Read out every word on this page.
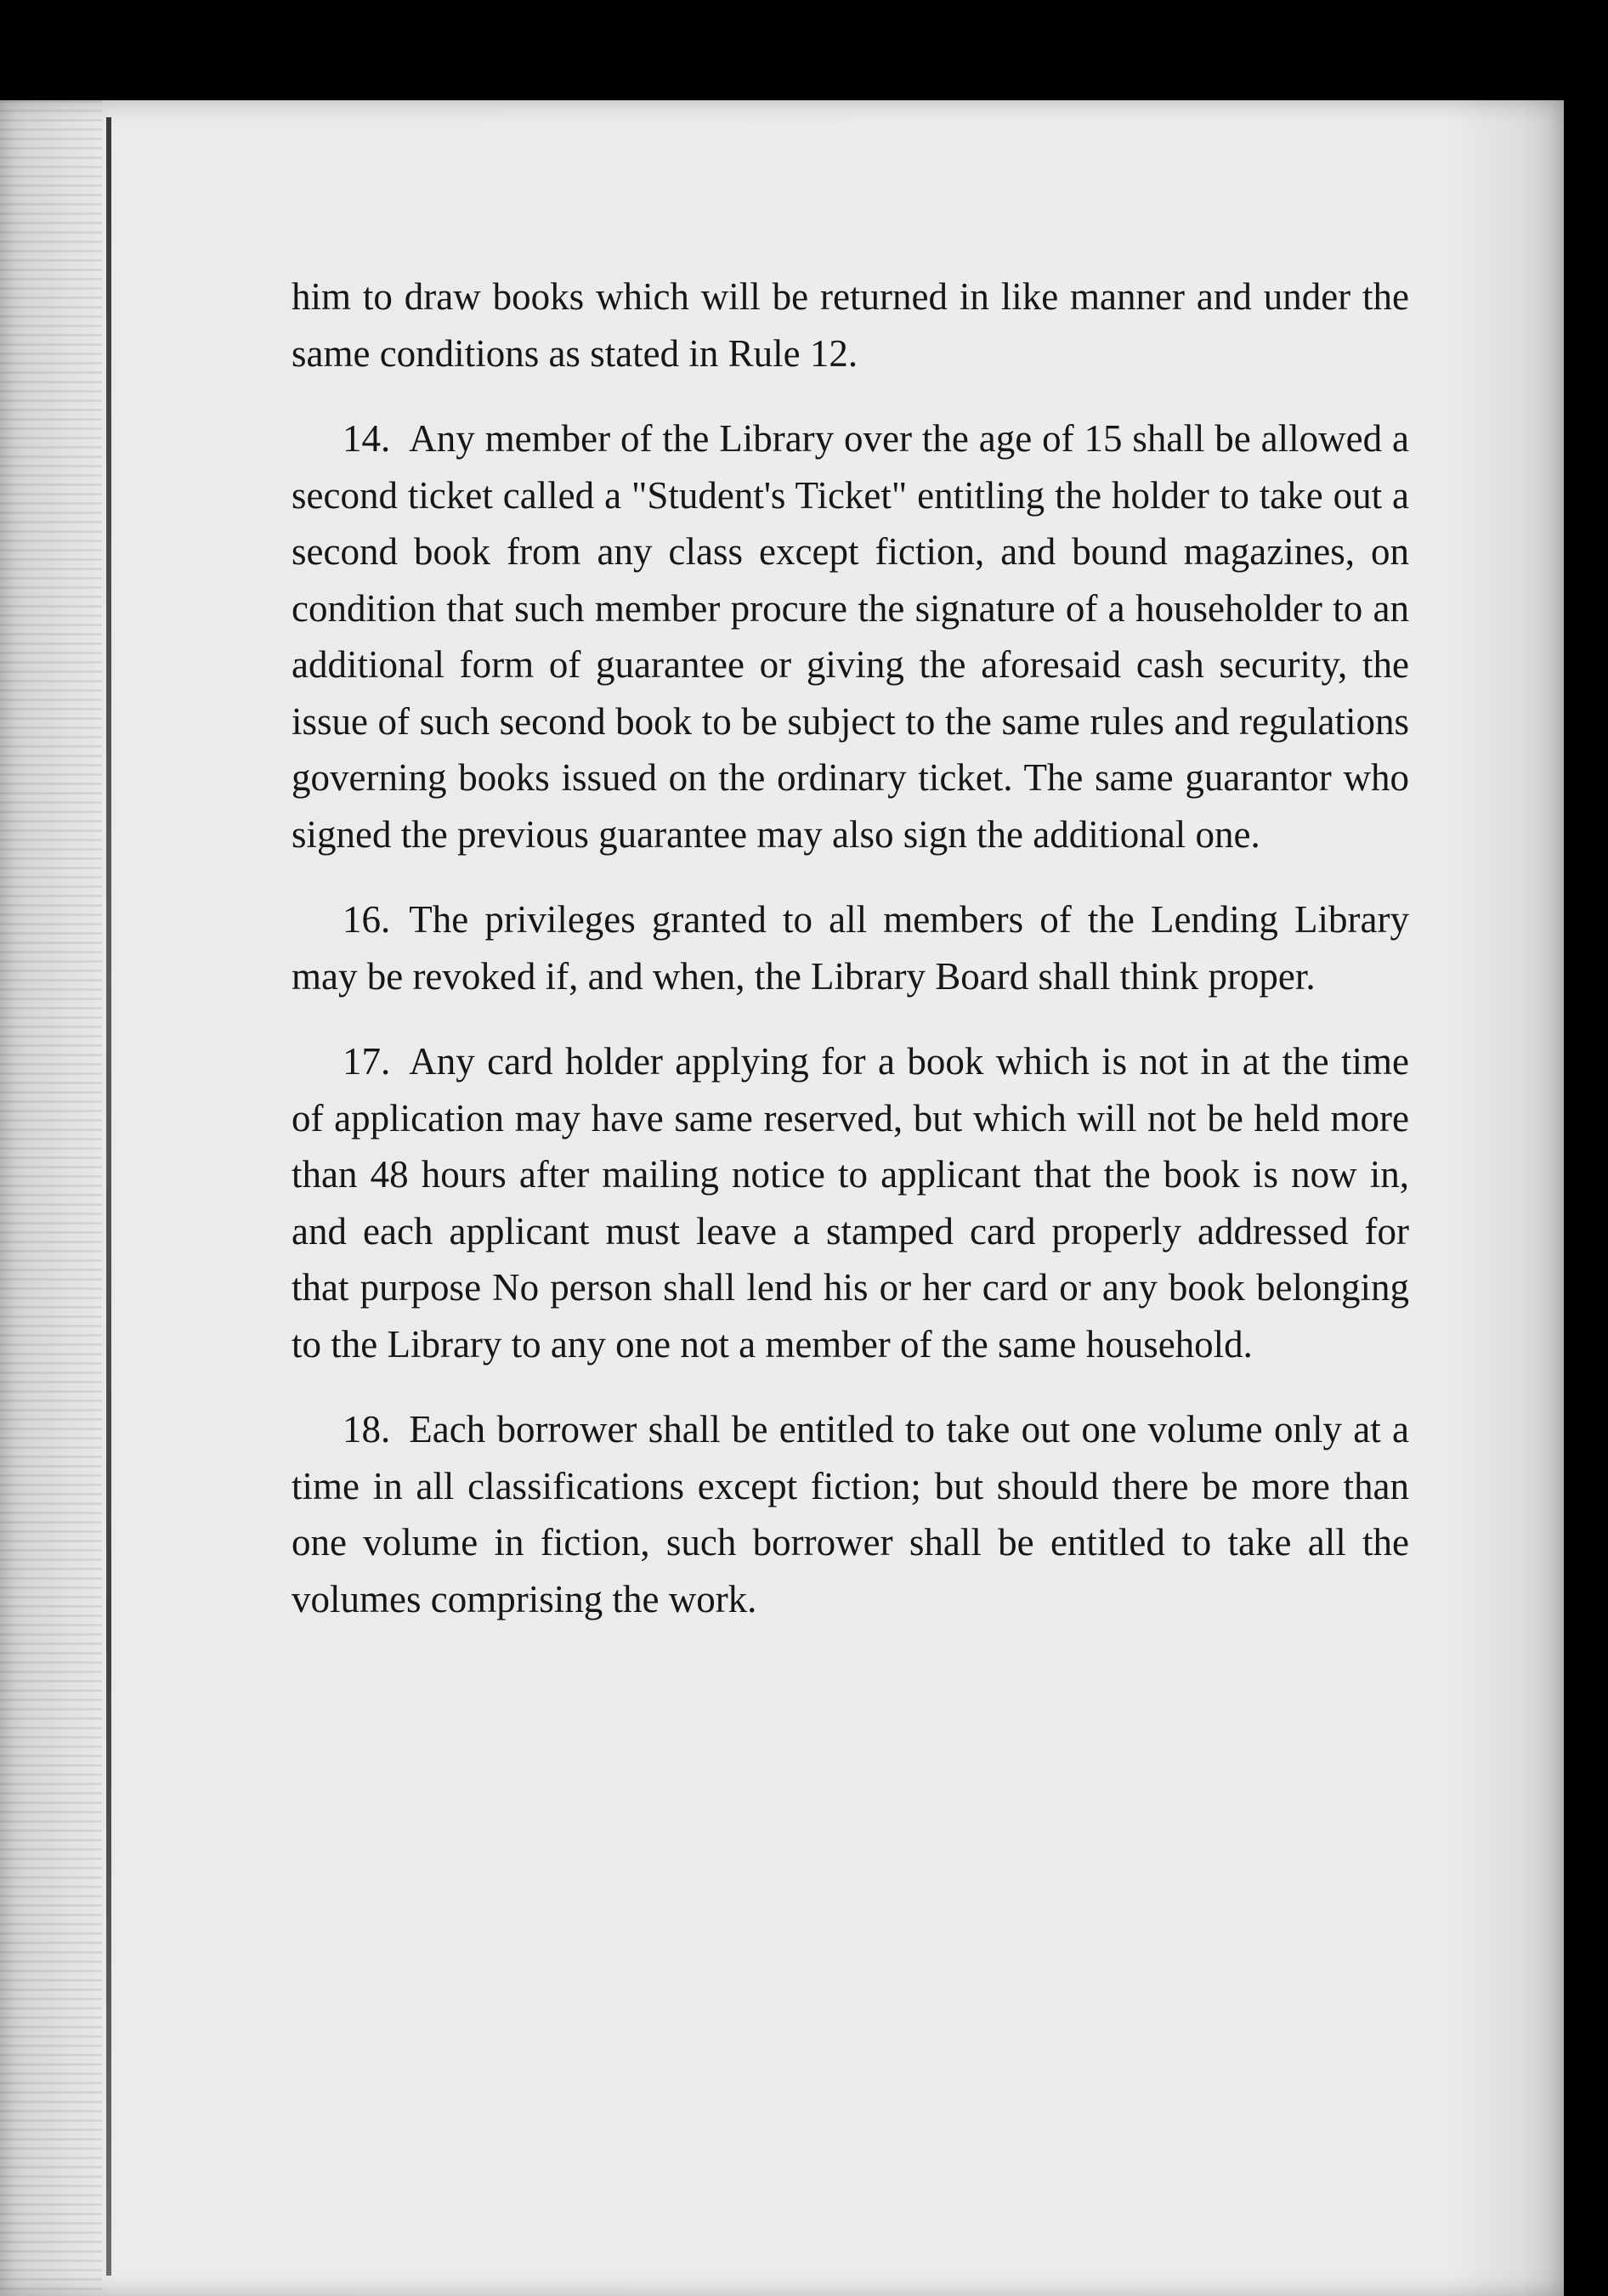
him to draw books which will be returned in like manner and under the same conditions as stated in Rule 12.

14. Any member of the Library over the age of 15 shall be allowed a second ticket called a "Student's Ticket" entitling the holder to take out a second book from any class except fiction, and bound magazines, on condition that such member procure the signature of a householder to an additional form of guarantee or giving the aforesaid cash security, the issue of such second book to be subject to the same rules and regulations governing books issued on the ordinary ticket. The same guarantor who signed the previous guarantee may also sign the additional one.

16. The privileges granted to all members of the Lending Library may be revoked if, and when, the Library Board shall think proper.

17. Any card holder applying for a book which is not in at the time of application may have same reserved, but which will not be held more than 48 hours after mailing notice to applicant that the book is now in, and each applicant must leave a stamped card properly addressed for that purpose No person shall lend his or her card or any book belonging to the Library to any one not a member of the same household.

18. Each borrower shall be entitled to take out one volume only at a time in all classifications except fiction; but should there be more than one volume in fiction, such borrower shall be entitled to take all the volumes comprising the work.
